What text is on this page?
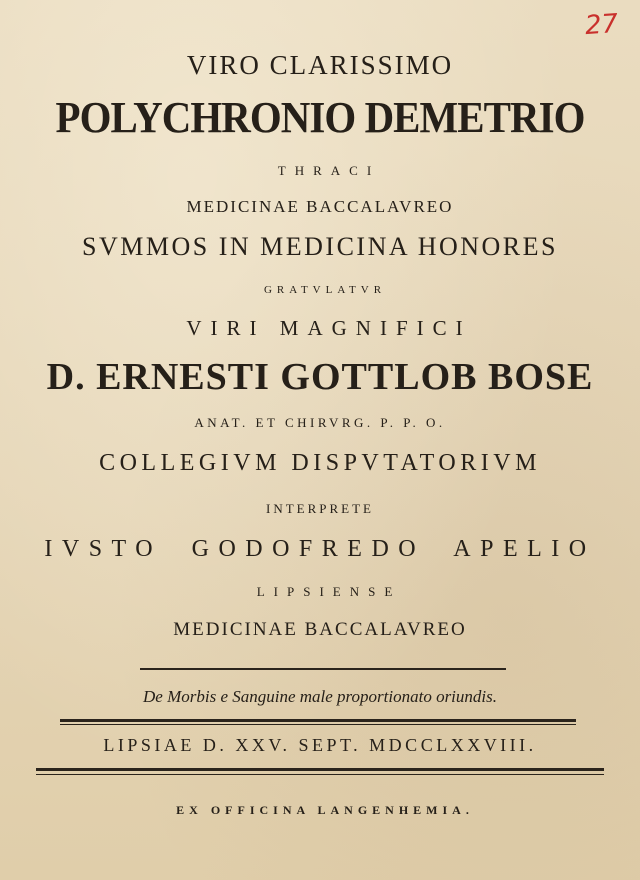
27
VIRO CLARISSIMO
POLYCHRONIO DEMETRIO
THRACI
MEDICINAE BACCALAVREO
SVMMOS IN MEDICINA HONORES
GRATVLATVR
VIRI MAGNIFICI
D. ERNESTI GOTTLOB BOSE
ANAT. ET CHIRVRG. P. P. O.
COLLEGIVM DISPVTATORIVM
INTERPRETE
IVSTO GODOFREDO APELIO
LIPSIENSE
MEDICINAE BACCALAVREO
De Morbis e Sanguine male proportionato oriundis.
LIPSIAE D. XXV. SEPT. MDCCLXXVIII.
EX OFFICINA LANGENHEMIA.
